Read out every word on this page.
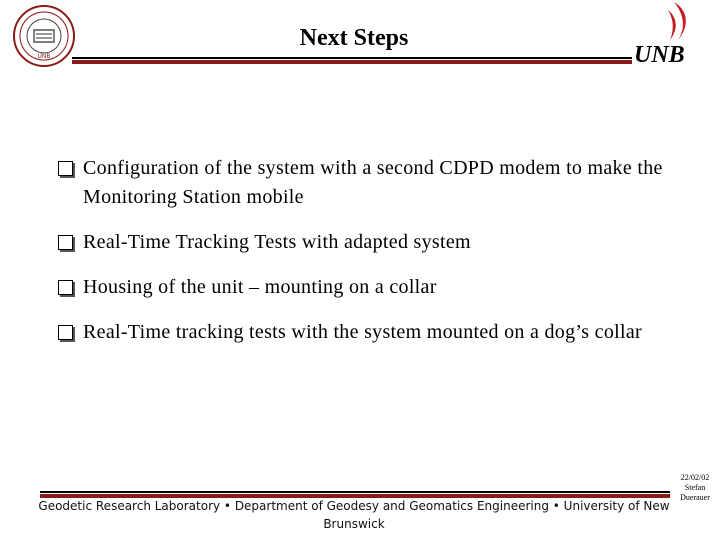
UNB
Next Steps
UNB
Configuration of the system with a second CDPD modem to make the Monitoring Station mobile
Real-Time Tracking Tests with adapted system
Housing of the unit – mounting on a collar
Real-Time tracking tests with the system mounted on a dog’s collar
22/02/02
Stefan
Duerauer
Geodetic Research Laboratory • Department of Geodesy and Geomatics Engineering • University of New Brunswick
